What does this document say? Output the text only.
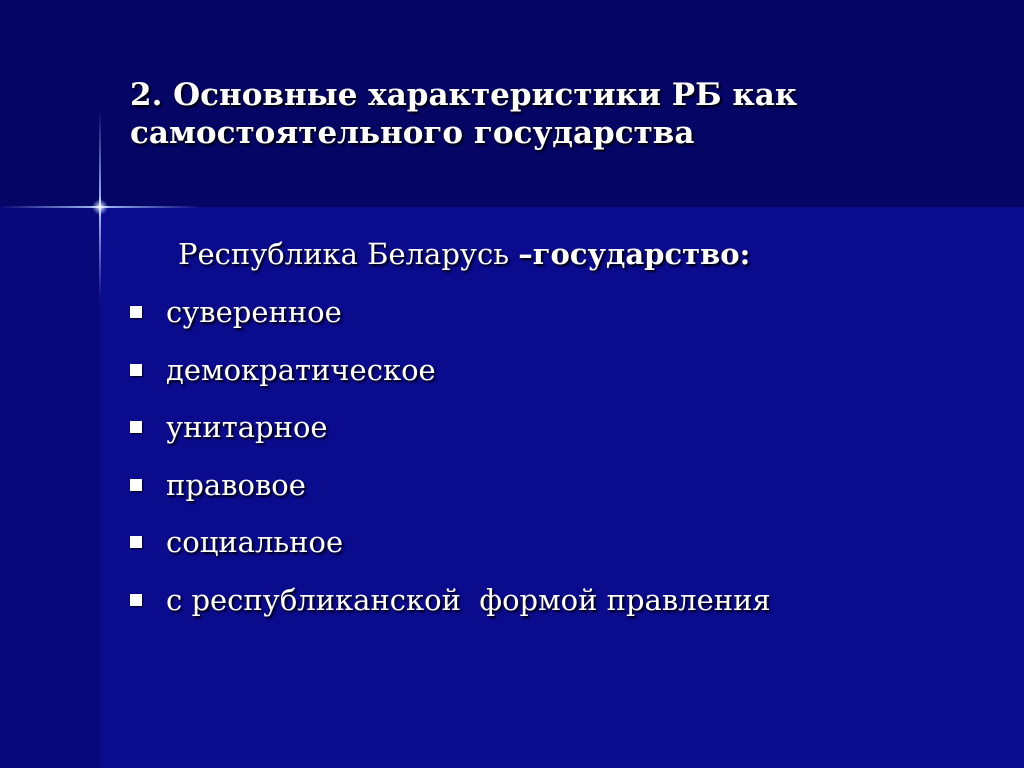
2. Основные характеристики РБ как самостоятельного государства

Республика Беларусь –государство:

суверенное
демократическое
унитарное
правовое
социальное
с республиканской  формой правления
